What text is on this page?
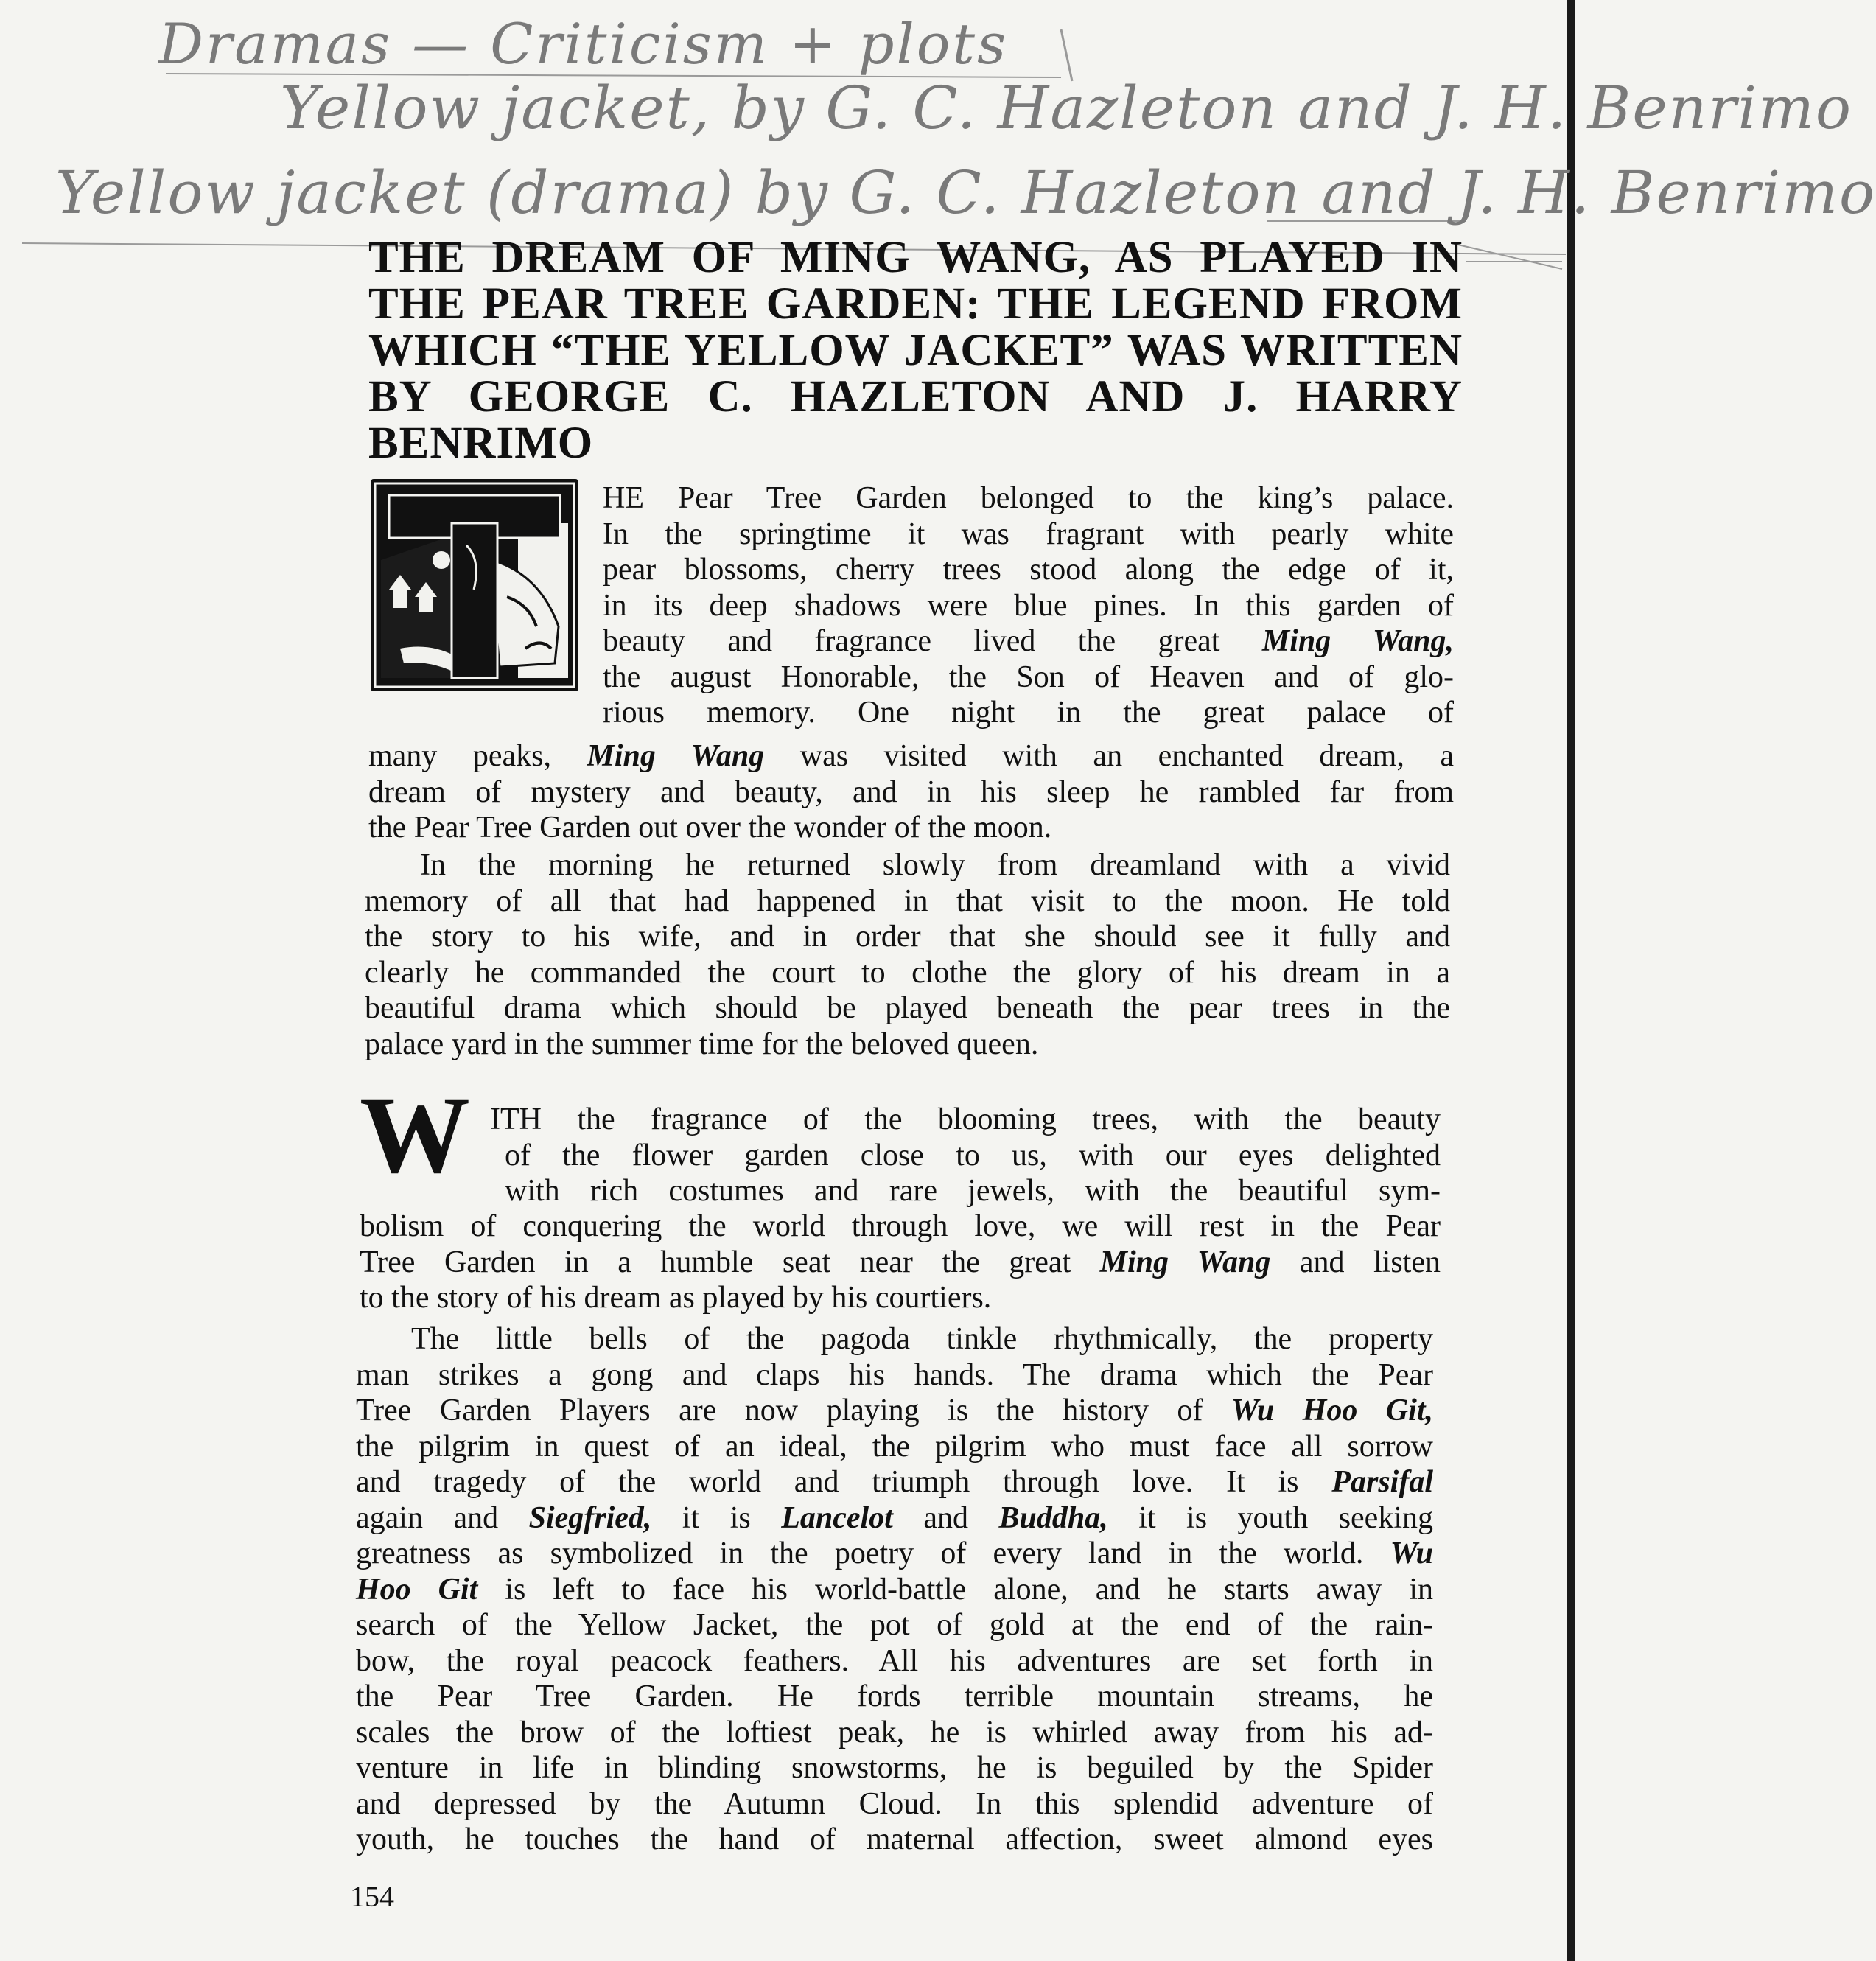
Dramas — Criticism + plots
Yellow jacket, by G. C. Hazleton and J. H. Benrimo
Yellow jacket (drama) by G. C. Hazleton and J. H. Benrimo
THE DREAM OF MING WANG, AS PLAYED IN THE PEAR TREE GARDEN: THE LEGEND FROM WHICH “THE YELLOW JACKET” WAS WRITTEN BY GEORGE C. HAZLETON AND J. HARRY BENRIMO
HE Pear Tree Garden belonged to the king’s palace.
In the springtime it was fragrant with pearly white
pear blossoms, cherry trees stood along the edge of it,
in its deep shadows were blue pines. In this garden of
beauty and fragrance lived the great Ming Wang,
the august Honorable, the Son of Heaven and of glo-
rious memory. One night in the great palace of
many peaks, Ming Wang was visited with an enchanted dream, a
dream of mystery and beauty, and in his sleep he rambled far from
the Pear Tree Garden out over the wonder of the moon.
In the morning he returned slowly from dreamland with a vivid
memory of all that had happened in that visit to the moon. He told
the story to his wife, and in order that she should see it fully and
clearly he commanded the court to clothe the glory of his dream in a
beautiful drama which should be played beneath the pear trees in the
palace yard in the summer time for the beloved queen.
W ITH the fragrance of the blooming trees, with the beauty
of the flower garden close to us, with our eyes delighted
with rich costumes and rare jewels, with the beautiful sym-
bolism of conquering the world through love, we will rest in the Pear
Tree Garden in a humble seat near the great Ming Wang and listen
to the story of his dream as played by his courtiers.
The little bells of the pagoda tinkle rhythmically, the property
man strikes a gong and claps his hands. The drama which the Pear
Tree Garden Players are now playing is the history of Wu Hoo Git,
the pilgrim in quest of an ideal, the pilgrim who must face all sorrow
and tragedy of the world and triumph through love. It is Parsifal
again and Siegfried, it is Lancelot and Buddha, it is youth seeking
greatness as symbolized in the poetry of every land in the world. Wu
Hoo Git is left to face his world-battle alone, and he starts away in
search of the Yellow Jacket, the pot of gold at the end of the rain-
bow, the royal peacock feathers. All his adventures are set forth in
the Pear Tree Garden. He fords terrible mountain streams, he
scales the brow of the loftiest peak, he is whirled away from his ad-
venture in life in blinding snowstorms, he is beguiled by the Spider
and depressed by the Autumn Cloud. In this splendid adventure of
youth, he touches the hand of maternal affection, sweet almond eyes
154
